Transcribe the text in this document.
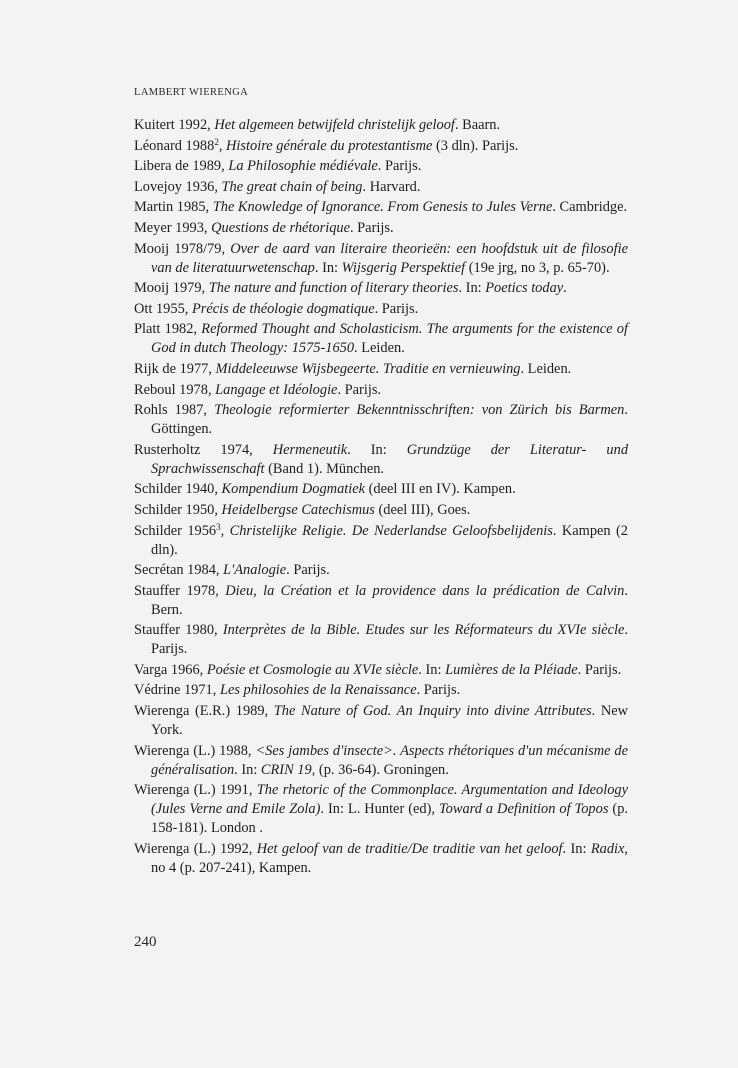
LAMBERT WIERENGA
Kuitert 1992, Het algemeen betwijfeld christelijk geloof. Baarn.
Léonard 1988$^2$, Histoire générale du protestantisme (3 dln). Parijs.
Libera de 1989, La Philosophie médiévale. Parijs.
Lovejoy 1936, The great chain of being. Harvard.
Martin 1985, The Knowledge of Ignorance. From Genesis to Jules Verne. Cambridge.
Meyer 1993, Questions de rhétorique. Parijs.
Mooij 1978/79, Over de aard van literaire theorieën: een hoofdstuk uit de filosofie van de literatuurwetenschap. In: Wijsgerig Perspektief (19e jrg, no 3, p. 65-70).
Mooij 1979, The nature and function of literary theories. In: Poetics today.
Ott 1955, Précis de théologie dogmatique. Parijs.
Platt 1982, Reformed Thought and Scholasticism. The arguments for the existence of God in dutch Theology: 1575-1650. Leiden.
Rijk de 1977, Middeleeuwse Wijsbegeerte. Traditie en vernieuwing. Leiden.
Reboul 1978, Langage et Idéologie. Parijs.
Rohls 1987, Theologie reformierter Bekenntnisschriften: von Zürich bis Barmen. Göttingen.
Rusterholtz 1974, Hermeneutik. In: Grundzüge der Literatur- und Sprachwissenschaft (Band 1). München.
Schilder 1940, Kompendium Dogmatiek (deel III en IV). Kampen.
Schilder 1950, Heidelbergse Catechismus (deel III), Goes.
Schilder 1956$^3$, Christelijke Religie. De Nederlandse Geloofsbelijdenis. Kampen (2 dln).
Secrétan 1984, L'Analogie. Parijs.
Stauffer 1978, Dieu, la Création et la providence dans la prédication de Calvin. Bern.
Stauffer 1980, Interprètes de la Bible. Etudes sur les Réformateurs du XVIe siècle. Parijs.
Varga 1966, Poésie et Cosmologie au XVIe siècle. In: Lumières de la Pléiade. Parijs.
Védrine 1971, Les philosohies de la Renaissance. Parijs.
Wierenga (E.R.) 1989, The Nature of God. An Inquiry into divine Attributes. New York.
Wierenga (L.) 1988, <Ses jambes d'insecte>. Aspects rhétoriques d'un mécanisme de généralisation. In: CRIN 19, (p. 36-64). Groningen.
Wierenga (L.) 1991, The rhetoric of the Commonplace. Argumentation and Ideology (Jules Verne and Emile Zola). In: L. Hunter (ed), Toward a Definition of Topos (p. 158-181). London .
Wierenga (L.) 1992, Het geloof van de traditie/De traditie van het geloof. In: Radix, no 4 (p. 207-241), Kampen.
240
